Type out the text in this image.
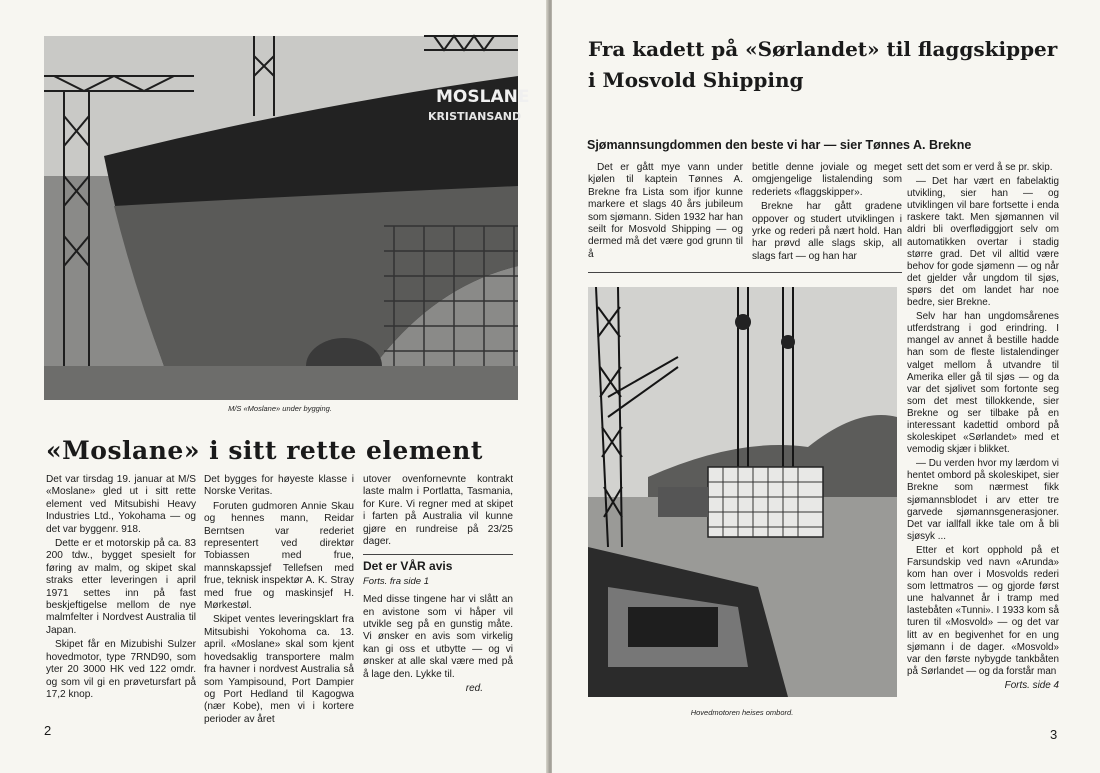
MOSLANE
KRISTIANSAND
M/S «Moslane» under bygging.
«Moslane» i sitt rette element

Det var tirsdag 19. januar at M/S «Moslane» gled ut i sitt rette element ved Mitsubishi Heavy Industries Ltd., Yokohama — og det var byggenr. 918.

Dette er et motorskip på ca. 83 200 tdw., bygget spesielt for føring av malm, og skipet skal straks etter leveringen i april 1971 settes inn på fast beskjeftigelse mellom de nye malmfelter i Nordvest Australia til Japan.

Skipet får en Mizubishi Sulzer hovedmotor, type 7RND90, som yter 20 3000 HK ved 122 omdr. og som vil gi en prøvetursfart på 17,2 knop.

Det bygges for høyeste klasse i Norske Veritas.

Foruten gudmoren Annie Skau og hennes mann, Reidar Berntsen var rederiet representert ved direktør Tobiassen med frue, mannskapssjef Tellefsen med frue, teknisk inspektør A. K. Stray med frue og maskinsjef H. Mørkestøl.

Skipet ventes leveringsklart fra Mitsubishi Yokohoma ca. 13. april. «Moslane» skal som kjent hovedsaklig transportere malm fra havner i nordvest Australia så som Yampisound, Port Dampier og Port Hedland til Kagogwa (nær Kobe), men vi i kortere perioder av året

utover ovenfornevnte kontrakt laste malm i Portlatta, Tasmania, for Kure. Vi regner med at skipet i farten på Australia vil kunne gjøre en rundreise på 23/25 dager.

Det er VÅR avis
Forts. fra side 1

Med disse tingene har vi slått an en avistone som vi håper vil utvikle seg på en gunstig måte. Vi ønsker en avis som virkelig kan gi oss et utbytte — og vi ønsker at alle skal være med på å lage den. Lykke til.

red.
2
Fra kadett på «Sørlandet» til flaggskipper i Mosvold Shipping
Sjømannsungdommen den beste vi har — sier Tønnes A. Brekne

Det er gått mye vann under kjølen til kaptein Tønnes A. Brekne fra Lista som ifjor kunne markere et slags 40 års jubileum som sjømann. Siden 1932 har han seilt for Mosvold Shipping — og dermed må det være god grunn til å

betitle denne joviale og meget omgjengelige listalending som rederiets «flaggskipper».

Brekne har gått gradene oppover og studert utviklingen i yrke og rederi på nært hold. Han har prøvd alle slags skip, all slags fart — og han har

sett det som er verd å se pr. skip.

— Det har vært en fabelaktig utvikling, sier han — og utviklingen vil bare fortsette i enda raskere takt. Men sjømannen vil aldri bli overflødiggjort selv om automatikken overtar i stadig større grad. Det vil alltid være behov for gode sjømenn — og når det gjelder vår ungdom til sjøs, spørs det om landet har noe bedre, sier Brekne.

Selv har han ungdomsårenes utferdstrang i god erindring. I mangel av annet å bestille hadde han som de fleste listalendinger valget mellom å utvandre til Amerika eller gå til sjøs — og da var det sjølivet som fortonte seg som det mest tillokkende, sier Brekne og ser tilbake på en interessant kadettid ombord på skoleskipet «Sørlandet» med et vemodig skjær i blikket.

— Du verden hvor my lærdom vi hentet ombord på skoleskipet, sier Brekne som nærmest fikk sjømannsblodet i arv etter tre garvede sjømannsgenerasjoner. Det var iallfall ikke tale om å bli sjøsyk ...

Etter et kort opphold på et Farsundskip ved navn «Arunda» kom han over i Mosvolds rederi som lettmatros — og gjorde først une halvannet år i tramp med lastebåten «Tunni». I 1933 kom så turen til «Mosvold» — og det var litt av en begivenhet for en ung sjømann i de dager. «Mosvold» var den første nybygde tankbåten på Sørlandet — og da forstår man

Forts. side 4
Hovedmotoren heises ombord.
3
